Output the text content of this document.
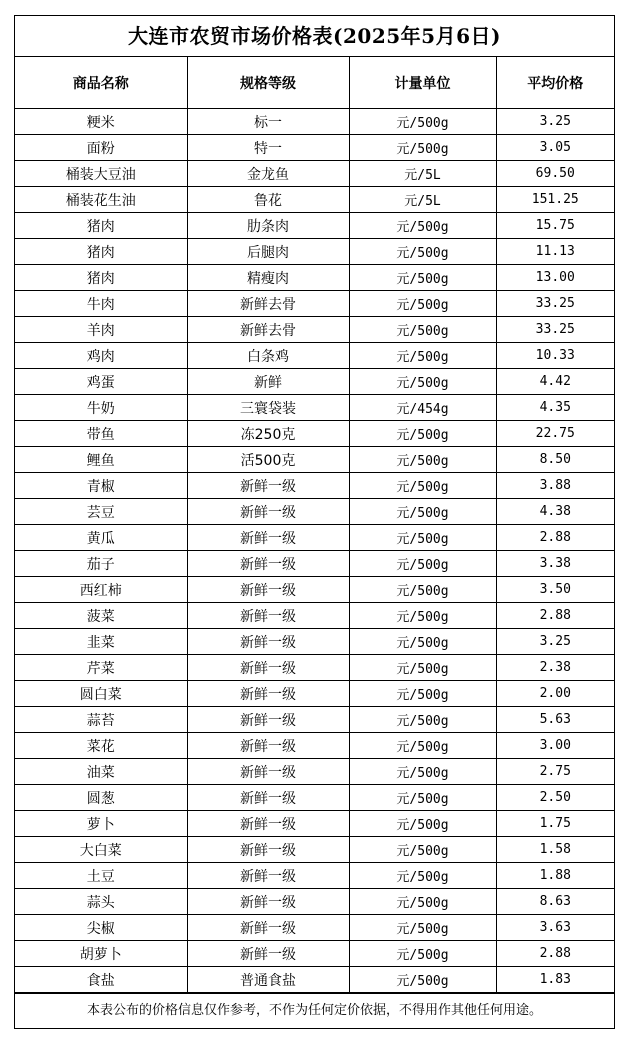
大连市农贸市场价格表(2025年5月6日)
商品名称	规格等级	计量单位	平均价格
粳米	标一	元/500g	3.25
面粉	特一	元/500g	3.05
桶装大豆油	金龙鱼	元/5L	69.50
桶装花生油	鲁花	元/5L	151.25
猪肉	肋条肉	元/500g	15.75
猪肉	后腿肉	元/500g	11.13
猪肉	精瘦肉	元/500g	13.00
牛肉	新鲜去骨	元/500g	33.25
羊肉	新鲜去骨	元/500g	33.25
鸡肉	白条鸡	元/500g	10.33
鸡蛋	新鲜	元/500g	4.42
牛奶	三寰袋装	元/454g	4.35
带鱼	冻250克	元/500g	22.75
鲤鱼	活500克	元/500g	8.50
青椒	新鲜一级	元/500g	3.88
芸豆	新鲜一级	元/500g	4.38
黄瓜	新鲜一级	元/500g	2.88
茄子	新鲜一级	元/500g	3.38
西红柿	新鲜一级	元/500g	3.50
菠菜	新鲜一级	元/500g	2.88
韭菜	新鲜一级	元/500g	3.25
芹菜	新鲜一级	元/500g	2.38
圆白菜	新鲜一级	元/500g	2.00
蒜苔	新鲜一级	元/500g	5.63
菜花	新鲜一级	元/500g	3.00
油菜	新鲜一级	元/500g	2.75
圆葱	新鲜一级	元/500g	2.50
萝卜	新鲜一级	元/500g	1.75
大白菜	新鲜一级	元/500g	1.58
土豆	新鲜一级	元/500g	1.88
蒜头	新鲜一级	元/500g	8.63
尖椒	新鲜一级	元/500g	3.63
胡萝卜	新鲜一级	元/500g	2.88
食盐	普通食盐	元/500g	1.83
本表公布的价格信息仅作参考，不作为任何定价依据，不得用作其他任何用途。
